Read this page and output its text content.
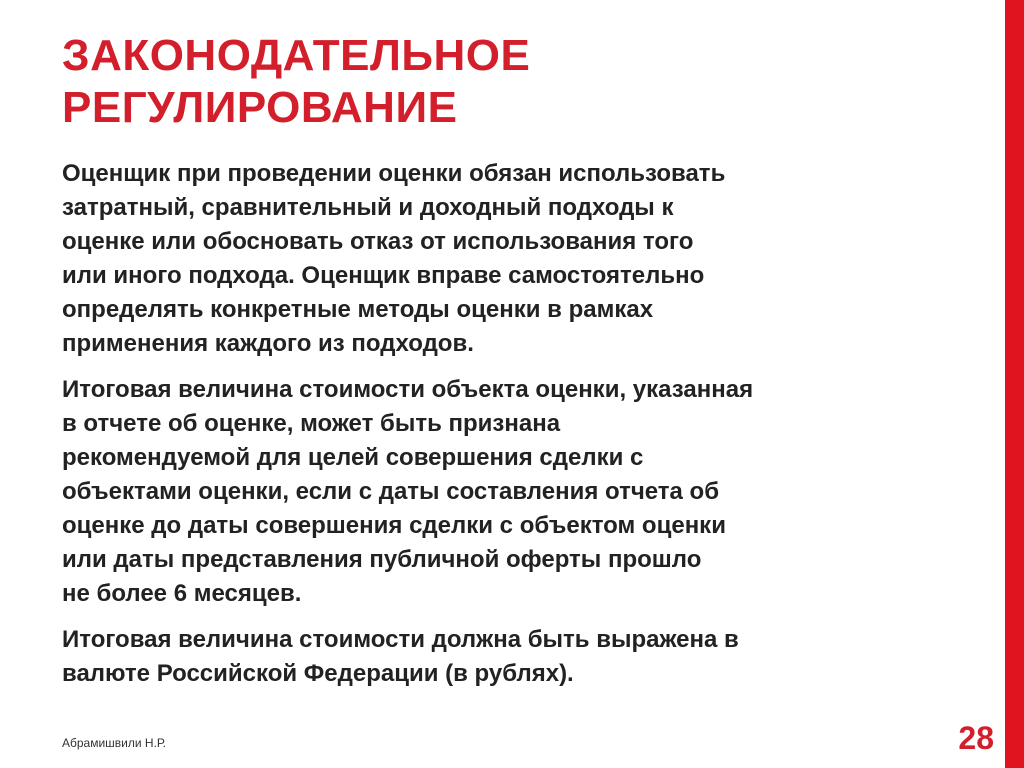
ЗАКОНОДАТЕЛЬНОЕ
РЕГУЛИРОВАНИЕ

Оценщик при проведении оценки обязан использовать
затратный, сравнительный и доходный подходы к
оценке или обосновать отказ от использования того
или иного подхода. Оценщик вправе самостоятельно
определять конкретные методы оценки в рамках
применения каждого из подходов.

Итоговая величина стоимости объекта оценки, указанная
в отчете об оценке, может быть признана
рекомендуемой для целей совершения сделки с
объектами оценки, если с даты составления отчета об
оценке до даты совершения сделки с объектом оценки
или даты представления публичной оферты прошло
не более 6 месяцев.

Итоговая величина стоимости должна быть выражена в
валюте Российской Федерации (в рублях).

Абрамишвили Н.Р.	28
